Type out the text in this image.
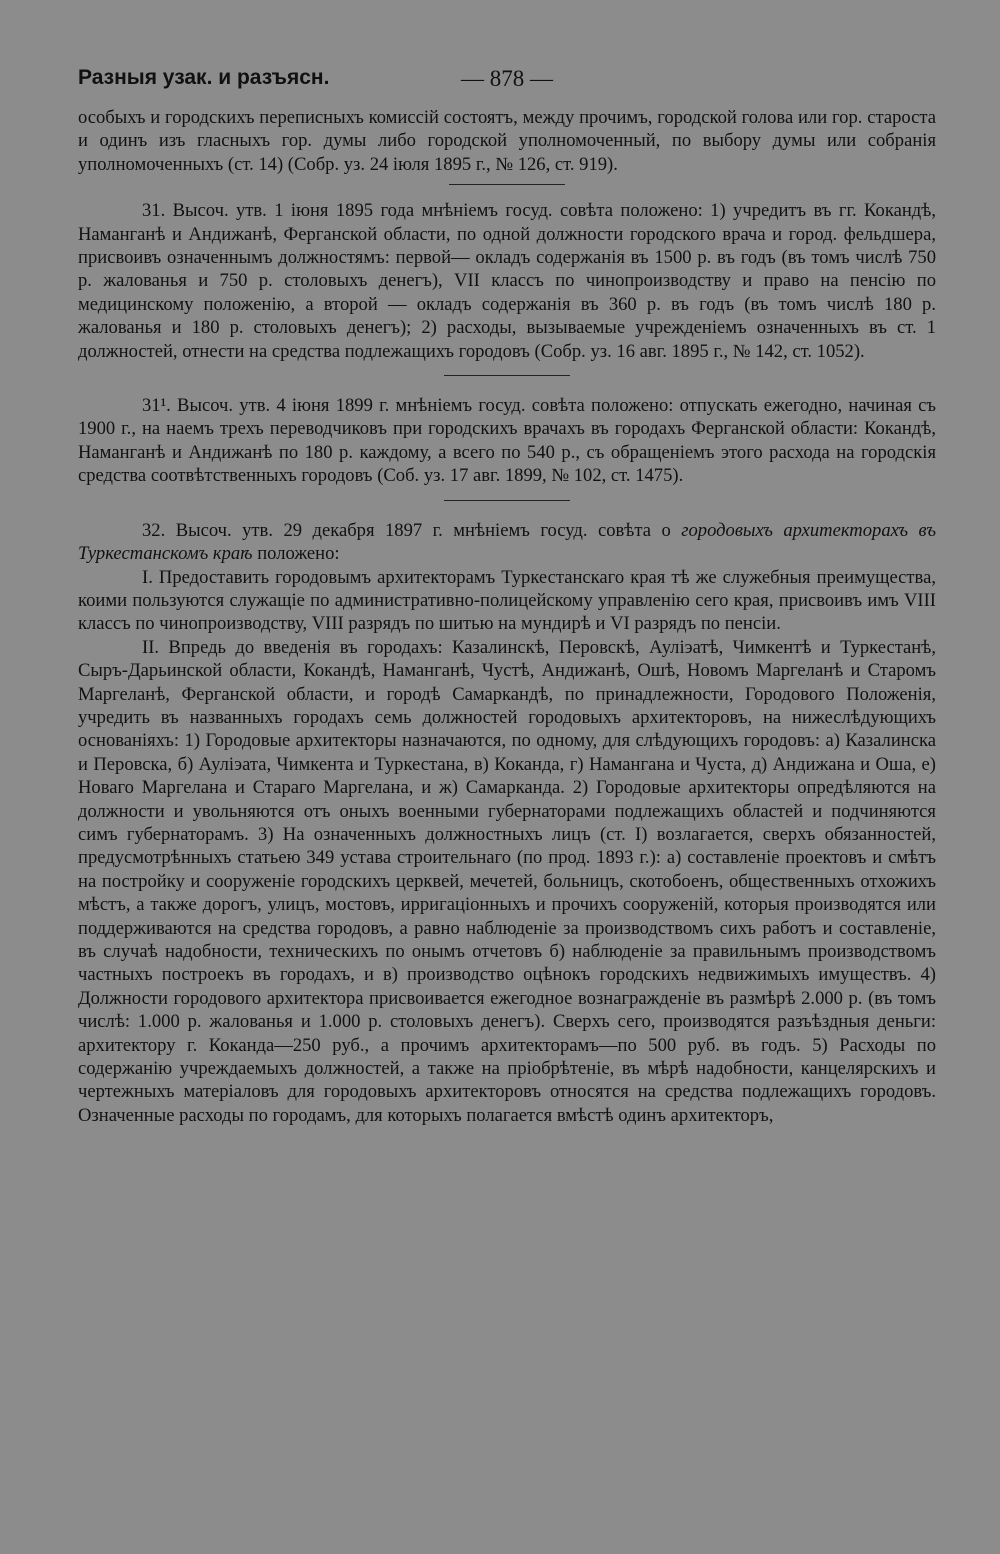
Разныя узак. и разъясн.	— 878 —

особыхъ и городскихъ переписныхъ комиссій состоятъ, между прочимъ, городской голова или гор. староста и одинъ изъ гласныхъ гор. думы либо городской уполномоченный, по выбору думы или собранія уполномоченныхъ (ст. 14) (Собр. уз. 24 іюля 1895 г., № 126, ст. 919).

31. Высоч. утв. 1 іюня 1895 года мнѣніемъ госуд. совѣта положено: 1) учредитъ въ гг. Кокандѣ, Наманганѣ и Андижанѣ, Ферганской области, по одной должности городского врача и город. фельдшера, присвоивъ означеннымъ должностямъ: первой— окладъ содержанія въ 1500 р. въ годъ (въ томъ числѣ 750 р. жалованья и 750 р. столовыхъ денегъ), VII классъ по чинопроизводству и право на пенсію по медицинскому положенію, а второй — окладъ содержанія въ 360 р. въ годъ (въ томъ числѣ 180 р. жалованья и 180 р. столовыхъ денегъ); 2) расходы, вызываемые учрежденіемъ означенныхъ въ ст. 1 должностей, отнести на средства подлежащихъ городовъ (Собр. уз. 16 авг. 1895 г., № 142, ст. 1052).

31¹. Высоч. утв. 4 іюня 1899 г. мнѣніемъ госуд. совѣта положено: отпускать ежегодно, начиная съ 1900 г., на наемъ трехъ переводчиковъ при городскихъ врачахъ въ городахъ Ферганской области: Кокандѣ, Наманганѣ и Андижанѣ по 180 р. каждому, а всего по 540 р., съ обращеніемъ этого расхода на городскія средства соотвѣтственныхъ городовъ (Соб. уз. 17 авг. 1899, № 102, ст. 1475).

32. Высоч. утв. 29 декабря 1897 г. мнѣніемъ госуд. совѣта о городовыхъ архитекторахъ въ Туркестанскомъ краѣ положено:

I. Предоставить городовымъ архитекторамъ Туркестанскаго края тѣ же служебныя преимущества, коими пользуются служащіе по административно-полицейскому управленію сего края, присвоивъ имъ VIII классъ по чинопроизводству, VIII разрядъ по шитью на мундирѣ и VI разрядъ по пенсіи.

II. Впредь до введенія въ городахъ: Казалинскѣ, Перовскѣ, Ауліэатѣ, Чимкентѣ и Туркестанѣ, Сыръ-Дарьинской области, Кокандѣ, Наманганѣ, Чустѣ, Андижанѣ, Ошѣ, Новомъ Маргеланѣ и Старомъ Маргеланѣ, Ферганской области, и городѣ Самаркандѣ, по принадлежности, Городового Положенія, учредить въ названныхъ городахъ семь должностей городовыхъ архитекторовъ, на нижеслѣдующихъ основаніяхъ: 1) Городовые архитекторы назначаются, по одному, для слѣдующихъ городовъ: а) Казалинска и Перовска, б) Ауліэата, Чимкента и Туркестана, в) Коканда, г) Намангана и Чуста, д) Андижана и Оша, е) Новаго Маргелана и Стараго Маргелана, и ж) Самарканда. 2) Городовые архитекторы опредѣляются на должности и увольняются отъ оныхъ военными губернаторами подлежащихъ областей и подчиняются симъ губернаторамъ. 3) На означенныхъ должностныхъ лицъ (ст. I) возлагается, сверхъ обязанностей, предусмотрѣнныхъ статьею 349 устава строительнаго (по прод. 1893 г.): а) составленіе проектовъ и смѣтъ на постройку и сооруженіе городскихъ церквей, мечетей, больницъ, скотобоенъ, общественныхъ отхожихъ мѣстъ, а также дорогъ, улицъ, мостовъ, ирригаціонныхъ и прочихъ сооруженій, которыя производятся или поддерживаются на средства городовъ, а равно наблюденіе за производствомъ сихъ работъ и составленіе, въ случаѣ надобности, техническихъ по онымъ отчетовъ б) наблюденіе за правильнымъ производствомъ частныхъ построекъ въ городахъ, и в) производство оцѣнокъ городскихъ недвижимыхъ имуществъ. 4) Должности городового архитектора присвоивается ежегодное вознагражденіе въ размѣрѣ 2.000 р. (въ томъ числѣ: 1.000 р. жалованья и 1.000 р. столовыхъ денегъ). Сверхъ сего, производятся разъѣздныя деньги: архитектору г. Коканда—250 руб., а прочимъ архитекторамъ—по 500 руб. въ годъ. 5) Расходы по содержанію учреждаемыхъ должностей, а также на пріобрѣтеніе, въ мѣрѣ надобности, канцелярскихъ и чертежныхъ матеріаловъ для городовыхъ архитекторовъ относятся на средства подлежащихъ городовъ. Означенные расходы по городамъ, для которыхъ полагается вмѣстѣ одинъ архитекторъ,
